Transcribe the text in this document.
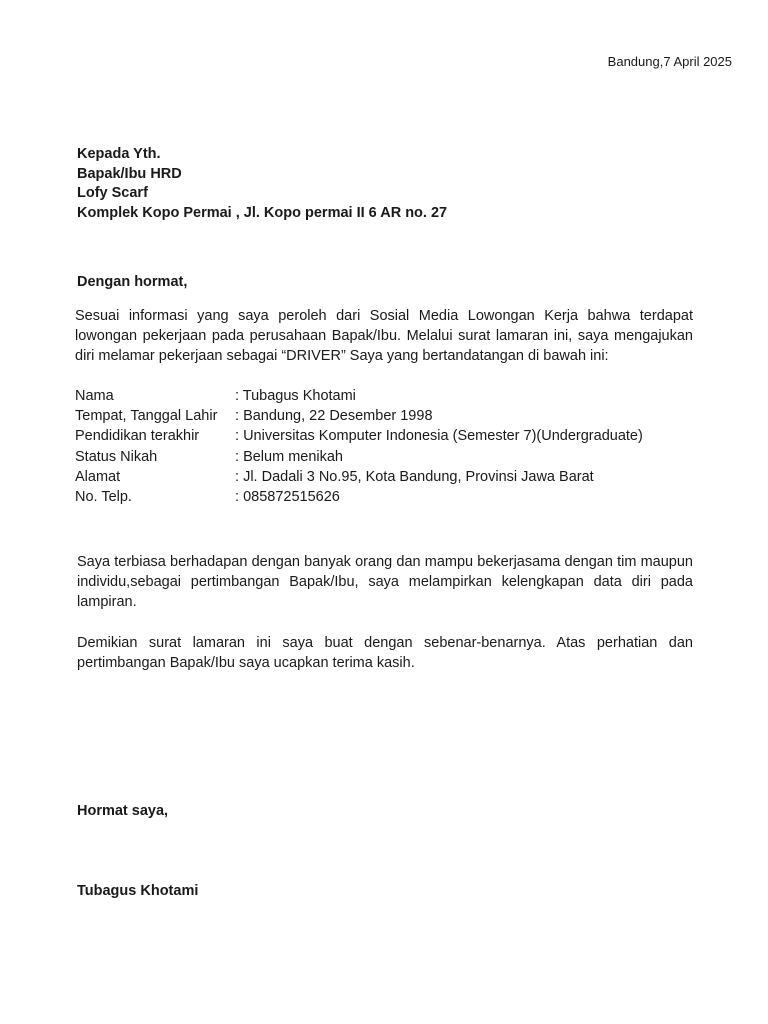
Bandung,7 April 2025
Kepada Yth.
Bapak/Ibu HRD
Lofy Scarf
Komplek Kopo Permai , Jl. Kopo permai II 6 AR no. 27
Dengan hormat,
Sesuai informasi yang saya peroleh dari Sosial Media Lowongan Kerja bahwa terdapat lowongan pekerjaan pada perusahaan Bapak/Ibu. Melalui surat lamaran ini, saya mengajukan diri melamar pekerjaan sebagai “DRIVER” Saya yang bertandatangan di bawah ini:
Nama	: Tubagus Khotami
Tempat, Tanggal Lahir	: Bandung, 22 Desember 1998
Pendidikan terakhir	: Universitas Komputer Indonesia (Semester 7)(Undergraduate)
Status Nikah	: Belum menikah
Alamat	: Jl. Dadali 3 No.95, Kota Bandung, Provinsi Jawa Barat
No. Telp.	: 085872515626
Saya terbiasa berhadapan dengan banyak orang dan mampu bekerjasama dengan tim maupun individu,sebagai pertimbangan Bapak/Ibu, saya melampirkan kelengkapan data diri pada lampiran.
Demikian surat lamaran ini saya buat dengan sebenar-benarnya. Atas perhatian dan pertimbangan Bapak/Ibu saya ucapkan terima kasih.
Hormat saya,
Tubagus Khotami
